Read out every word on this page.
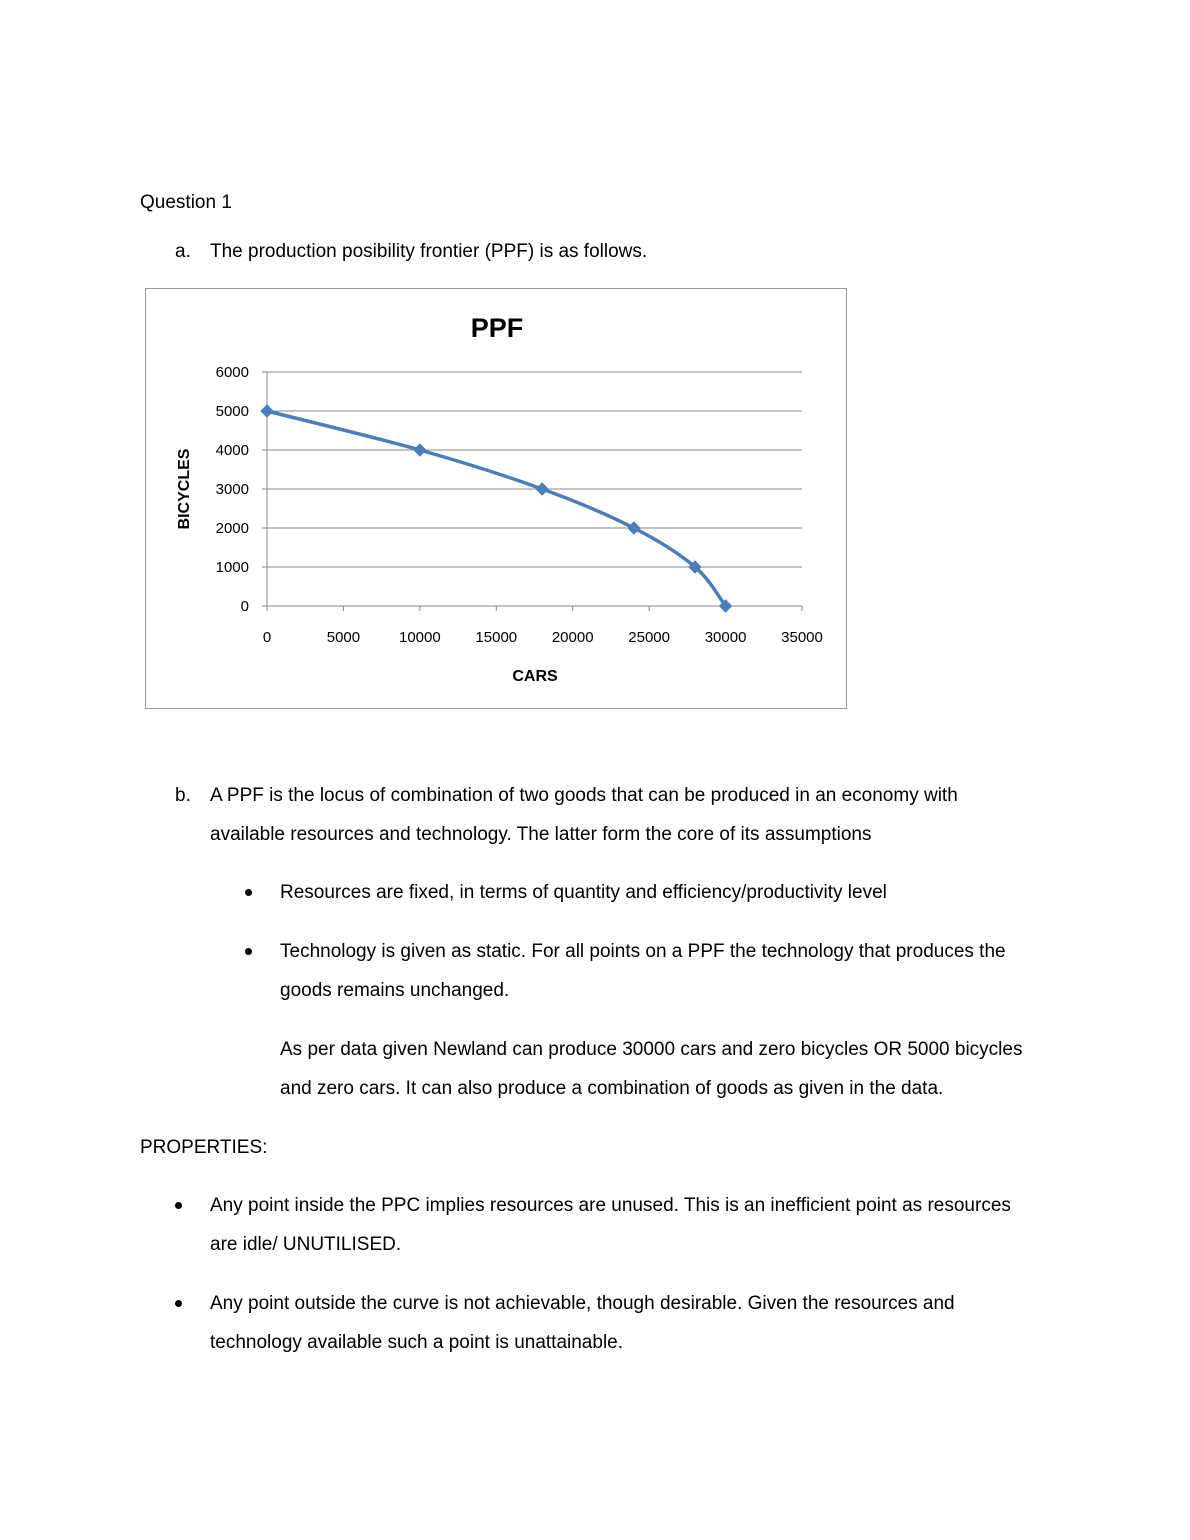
Question 1
a. The production posibility frontier (PPF) is as follows.
0
1000
2000
3000
4000
5000
6000
0	5000	10000 15000 20000 25000 30000 35000
PPF
CARS
BICYCLES
b. A PPF is the locus of combination of two goods that can be produced in an economy with available resources and technology. The latter form the core of its assumptions
Resources are fixed, in terms of quantity and efficiency/productivity level
Technology is given as static. For all points on a PPF the technology that produces the goods remains unchanged.
As per data given Newland can produce 30000 cars and zero bicycles OR 5000 bicycles and zero cars. It can also produce a combination of goods as given in the data.
PROPERTIES:
Any point inside the PPC implies resources are unused. This is an inefficient point as resources are idle/ UNUTILISED.
Any point outside the curve is not achievable, though desirable. Given the resources and technology available such a point is unattainable.
